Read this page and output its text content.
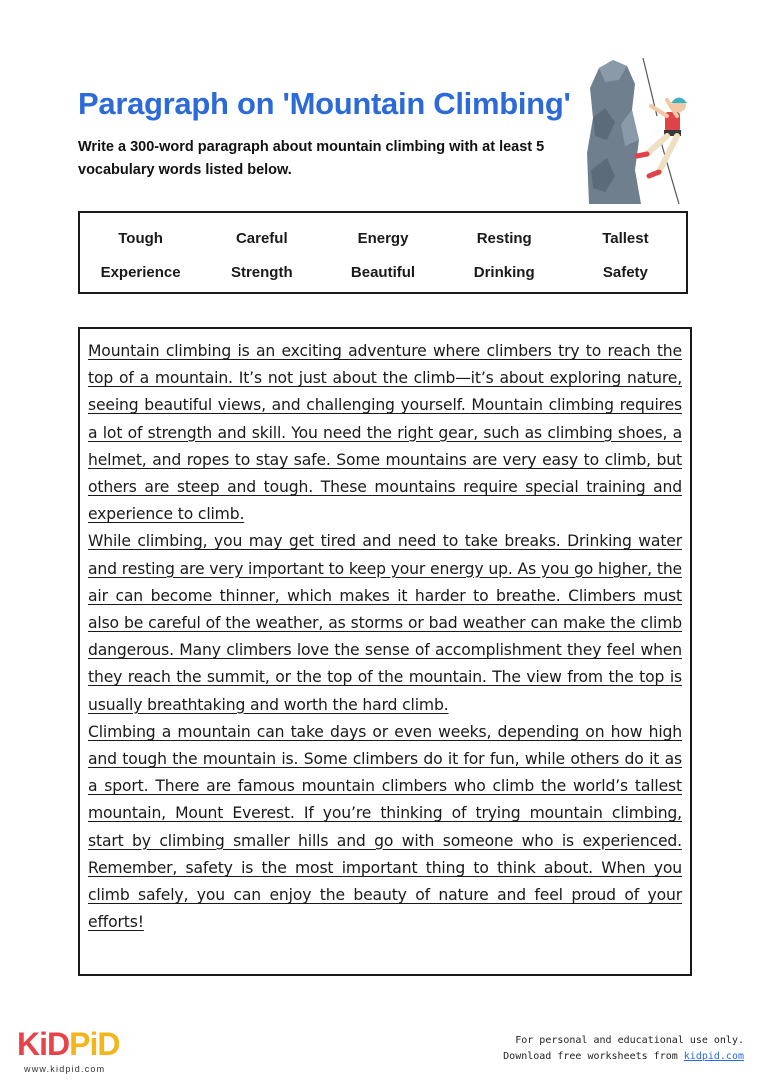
Paragraph on 'Mountain Climbing'

Write a 300-word paragraph about mountain climbing with at least 5 vocabulary words listed below.

Tough	Careful	Energy	Resting	Tallest
Experience	Strength	Beautiful	Drinking	Safety

Mountain climbing is an exciting adventure where climbers try to reach the top of a mountain. It’s not just about the climb—it’s about exploring nature, seeing beautiful views, and challenging yourself. Mountain climbing requires a lot of strength and skill. You need the right gear, such as climbing shoes, a helmet, and ropes to stay safe. Some mountains are very easy to climb, but others are steep and tough. These mountains require special training and experience to climb.

While climbing, you may get tired and need to take breaks. Drinking water and resting are very important to keep your energy up. As you go higher, the air can become thinner, which makes it harder to breathe. Climbers must also be careful of the weather, as storms or bad weather can make the climb dangerous. Many climbers love the sense of accomplishment they feel when they reach the summit, or the top of the mountain. The view from the top is usually breathtaking and worth the hard climb.

Climbing a mountain can take days or even weeks, depending on how high and tough the mountain is. Some climbers do it for fun, while others do it as a sport. There are famous mountain climbers who climb the world’s tallest mountain, Mount Everest. If you’re thinking of trying mountain climbing, start by climbing smaller hills and go with someone who is experienced. Remember, safety is the most important thing to think about. When you climb safely, you can enjoy the beauty of nature and feel proud of your efforts!

KiDPiD
www.kidpid.com
For personal and educational use only.
Download free worksheets from kidpid.com
